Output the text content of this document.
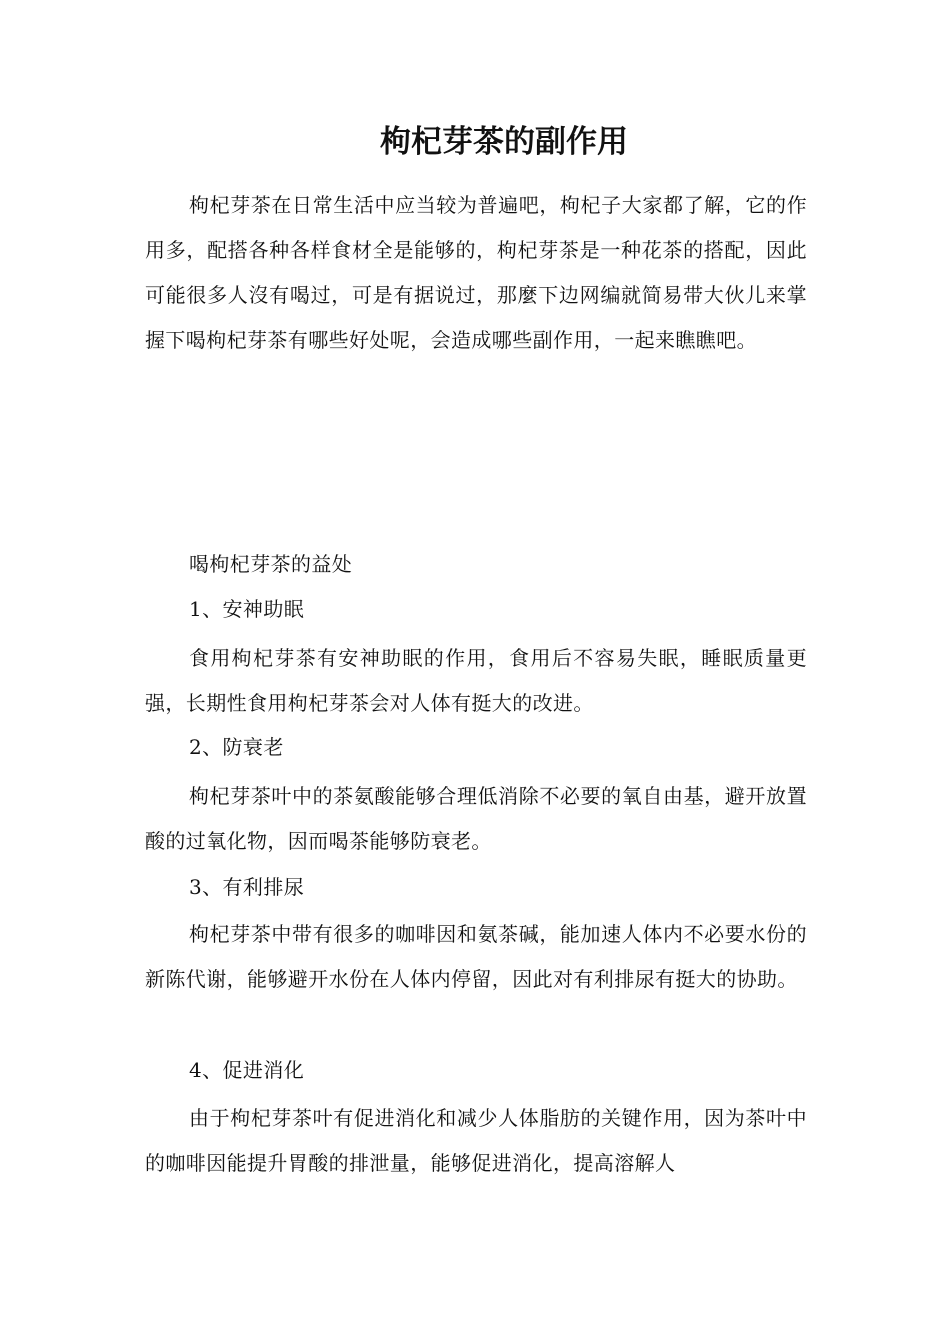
枸杞芽茶的副作用

枸杞芽茶在日常生活中应当较为普遍吧，枸杞子大家都了解，它的作用多，配搭各种各样食材全是能够的，枸杞芽茶是一种花茶的搭配，因此可能很多人沒有喝过，可是有据说过，那麼下边网编就简易带大伙儿来掌握下喝枸杞芽茶有哪些好处呢，会造成哪些副作用，一起来瞧瞧吧。

喝枸杞芽茶的益处

1、安神助眠

食用枸杞芽茶有安神助眠的作用，食用后不容易失眠，睡眠质量更强，长期性食用枸杞芽茶会对人体有挺大的改进。

2、防衰老

枸杞芽茶叶中的茶氨酸能够合理低消除不必要的氧自由基，避开放置酸的过氧化物，因而喝茶能够防衰老。

3、有利排尿

枸杞芽茶中带有很多的咖啡因和氨茶碱，能加速人体内不必要水份的新陈代谢，能够避开水份在人体内停留，因此对有利排尿有挺大的协助。

4、促进消化

由于枸杞芽茶叶有促进消化和减少人体脂肪的关键作用，因为茶叶中的咖啡因能提升胃酸的排泄量，能够促进消化，提高溶解人
